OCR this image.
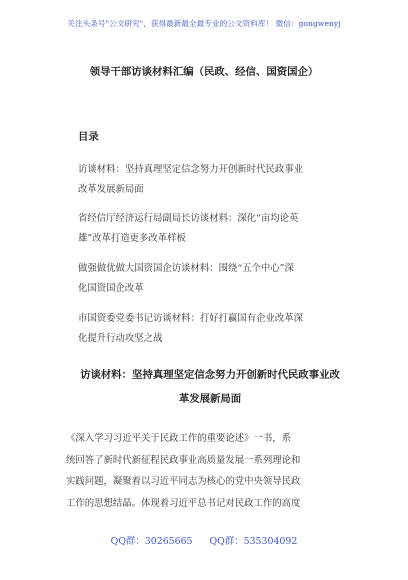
关注头条号"公文研究"，获得最新最全最专业的公文资料库！ 微信：gongwenyj
领导干部访谈材料汇编（民政、经信、国资国企）
目录
访谈材料：坚持真理坚定信念努力开创新时代民政事业
改革发展新局面
省经信厅经济运行局副局长访谈材料：深化“亩均论英
雄”改革打造更多改革样板
做强做优做大国资国企访谈材料：围绕“五个中心”深
化国资国企改革
市国资委党委书记访谈材料：打好打赢国有企业改革深
化提升行动攻坚之战
访谈材料：坚持真理坚定信念努力开创新时代民政事业改
革发展新局面
《深入学习习近平关于民政工作的重要论述》一书，系
统回答了新时代新征程民政事业高质量发展一系列理论和
实践问题，凝聚着以习近平同志为核心的党中央领导民政
工作的思想结晶。体现着习近平总书记对民政工作的高度
QQ群：30265665 QQ群：535304092
